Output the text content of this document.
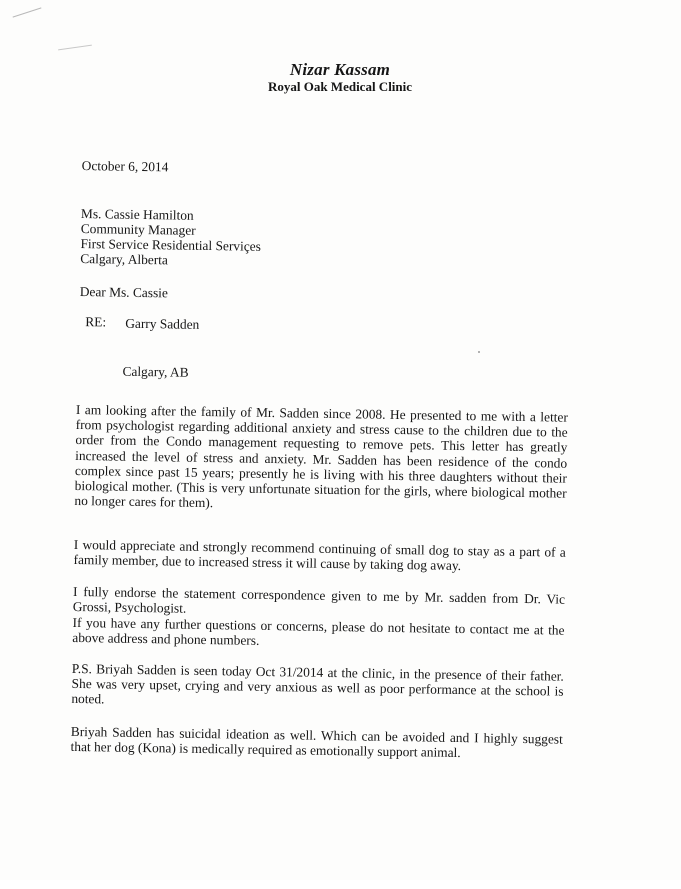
Nizar Kassam
Royal Oak Medical Clinic
October 6, 2014
Ms. Cassie Hamilton
Community Manager
First Service Residential Serviçes
Calgary, Alberta
Dear Ms. Cassie
RE: Garry Sadden
Calgary, AB
I am looking after the family of Mr. Sadden since 2008. He presented to me with a letter from psychologist regarding additional anxiety and stress cause to the children due to the order from the Condo management requesting to remove pets. This letter has greatly increased the level of stress and anxiety. Mr. Sadden has been residence of the condo complex since past 15 years; presently he is living with his three daughters without their biological mother. (This is very unfortunate situation for the girls, where biological mother no longer cares for them).
I would appreciate and strongly recommend continuing of small dog to stay as a part of a family member, due to increased stress it will cause by taking dog away.
I fully endorse the statement correspondence given to me by Mr. sadden from Dr. Vic Grossi, Psychologist.
If you have any further questions or concerns, please do not hesitate to contact me at the above address and phone numbers.
P.S. Briyah Sadden is seen today Oct 31/2014 at the clinic, in the presence of their father. She was very upset, crying and very anxious as well as poor performance at the school is noted.
Briyah Sadden has suicidal ideation as well. Which can be avoided and I highly suggest that her dog (Kona) is medically required as emotionally support animal.
